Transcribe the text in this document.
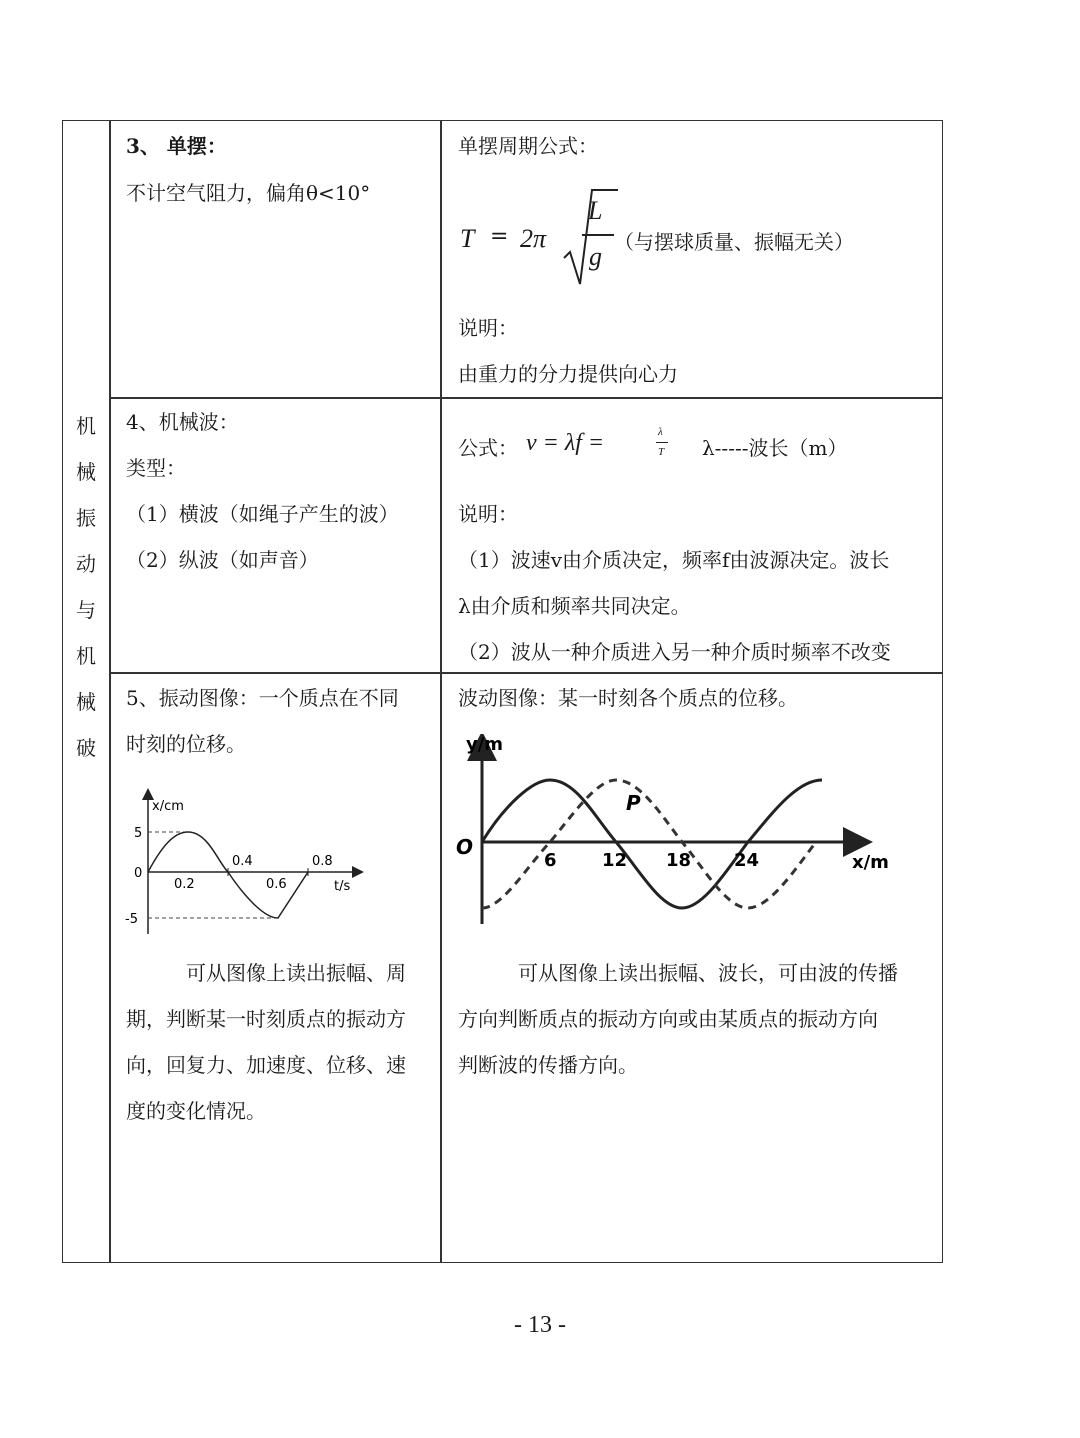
机
械
振
动
与
机
械
破
3、 单摆：
不计空气阻力，偏角θ<10°
单摆周期公式：
T = 2π
L
g （与摆球质量、振幅无关）
说明：
由重力的分力提供向心力
4、机械波：
类型：
（1）横波（如绳子产生的波）
（2）纵波（如声音）
公式： v = λf =	λ
T λ-----波长（m）
说明：
（1）波速v由介质决定，频率f由波源决定。波长
λ由介质和频率共同决定。
（2）波从一种介质进入另一种介质时频率不改变
5、振动图像：一个质点在不同
时刻的位移。
x/cm
5
0
-5
0.2	0.6
0.4	0.8
t/s
可从图像上读出振幅、周
期，判断某一时刻质点的振动方
向，回复力、加速度、位移、速
度的变化情况。
波动图像：某一时刻各个质点的位移。
y/m
O
P
6	12 18 24	x/m
可从图像上读出振幅、波长，可由波的传播
方向判断质点的振动方向或由某质点的振动方向
判断波的传播方向。
- 13 -
